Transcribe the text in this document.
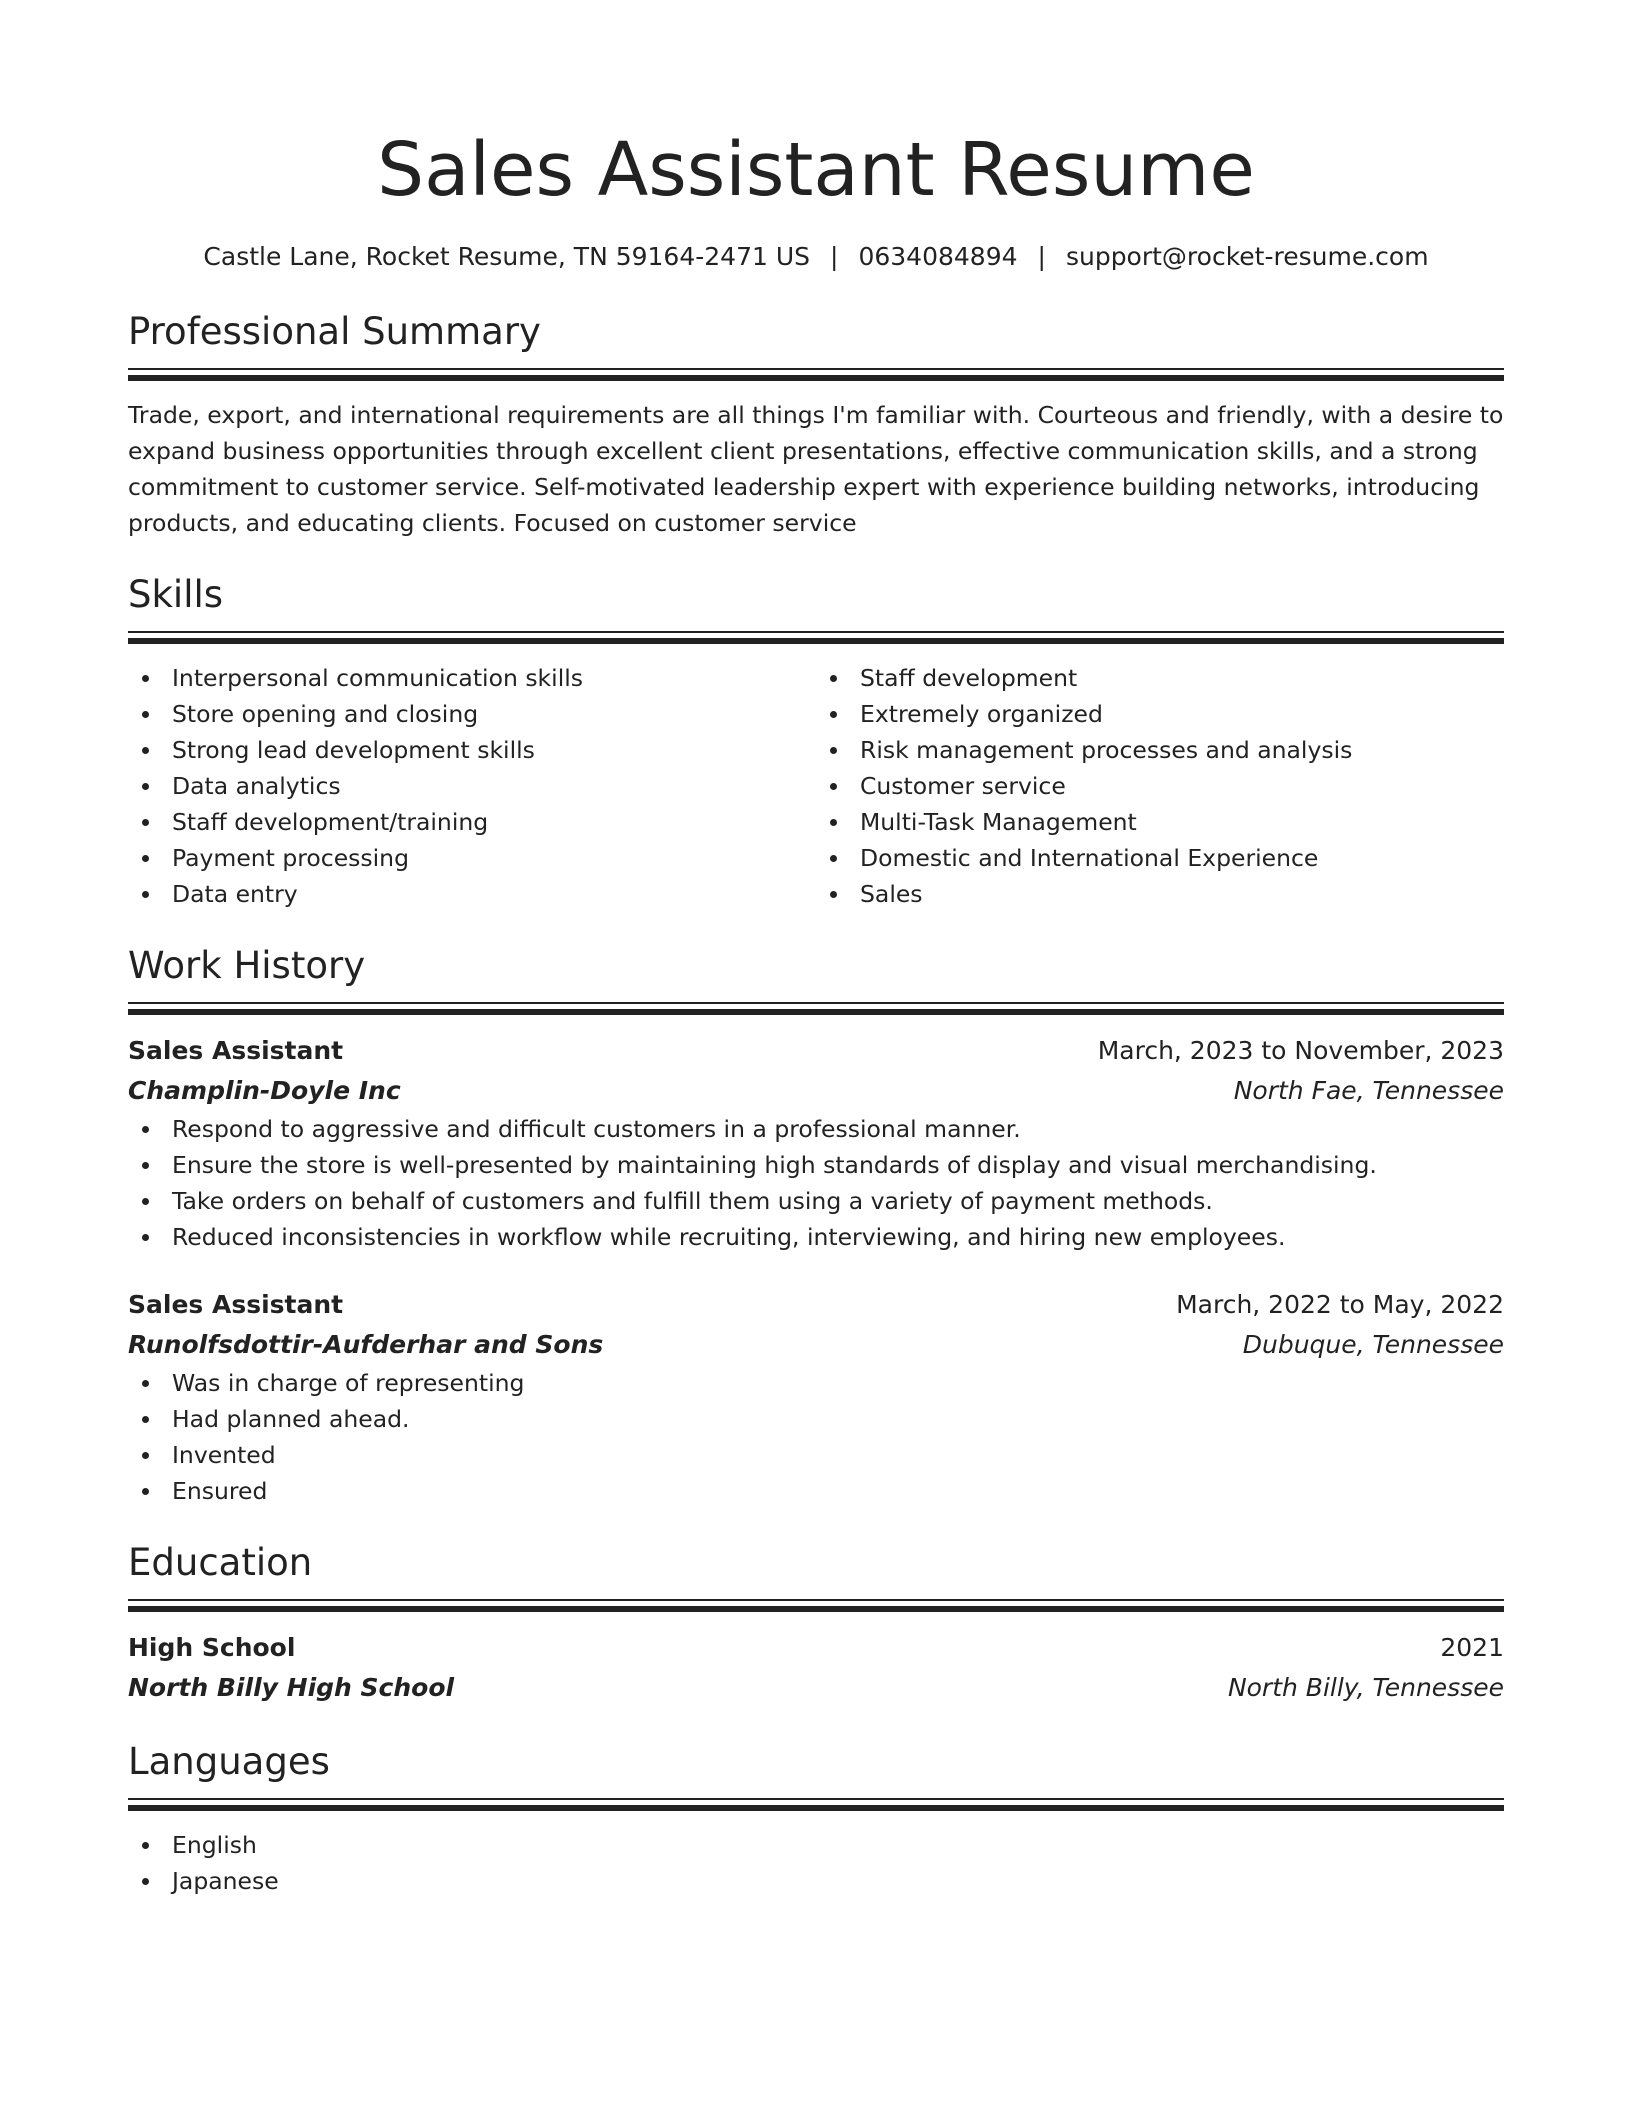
Sales Assistant Resume
Castle Lane, Rocket Resume, TN 59164-2471 US | 0634084894 | support@rocket-resume.com
Professional Summary
Trade, export, and international requirements are all things I'm familiar with. Courteous and friendly, with a desire to expand business opportunities through excellent client presentations, effective communication skills, and a strong commitment to customer service. Self-motivated leadership expert with experience building networks, introducing products, and educating clients. Focused on customer service
Skills
Interpersonal communication skills
Store opening and closing
Strong lead development skills
Data analytics
Staff development/training
Payment processing
Data entry
Staff development
Extremely organized
Risk management processes and analysis
Customer service
Multi-Task Management
Domestic and International Experience
Sales
Work History
Sales Assistant	March, 2023 to November, 2023
Champlin-Doyle Inc	North Fae, Tennessee
Respond to aggressive and difficult customers in a professional manner.
Ensure the store is well-presented by maintaining high standards of display and visual merchandising.
Take orders on behalf of customers and fulfill them using a variety of payment methods.
Reduced inconsistencies in workflow while recruiting, interviewing, and hiring new employees.
Sales Assistant	March, 2022 to May, 2022
Runolfsdottir-Aufderhar and Sons	Dubuque, Tennessee
Was in charge of representing
Had planned ahead.
Invented
Ensured
Education
High School	2021
North Billy High School	North Billy, Tennessee
Languages
English
Japanese
